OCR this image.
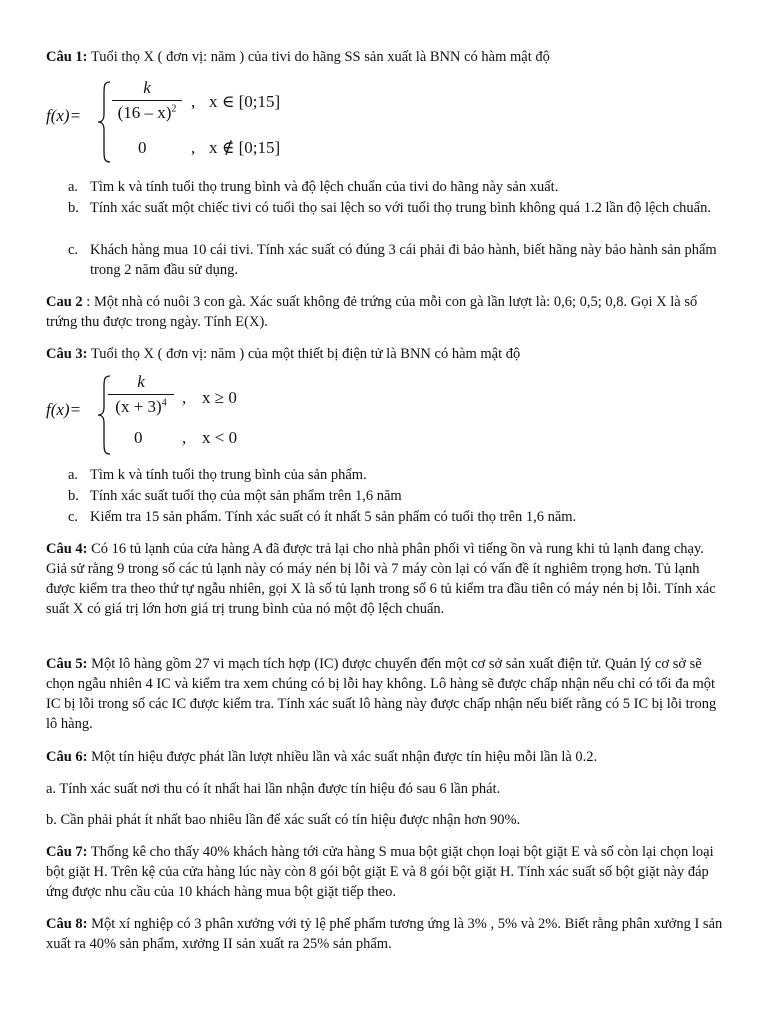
Câu 1: Tuổi thọ X ( đơn vị: năm ) của tivi do hãng SS sản xuất là BNN có hàm mật độ
f(x)=
k
(16 – x)$^2$ , x ∈ [0;15]
0	, x ∉ [0;15]
a. Tìm k và tính tuổi thọ trung bình và độ lệch chuẩn của tivi do hãng này sản xuất.
b. Tính xác suất một chiếc tivi có tuổi thọ sai lệch so với tuổi thọ trung bình không quá 1.2 lần độ lệch chuẩn.
c. Khách hàng mua 10 cái tivi. Tính xác suất có đúng 3 cái phải đi bảo hành, biết hãng này bảo hành sản phẩm trong 2 năm đầu sử dụng.
Cau 2 : Một nhà có nuôi 3 con gà. Xác suất không đẻ trứng của mỗi con gà lần lượt là: 0,6; 0,5; 0,8. Gọi X là số trứng thu được trong ngày. Tính E(X).
Câu 3: Tuổi thọ X ( đơn vị: năm ) của một thiết bị điện tử là BNN có hàm mật độ
f(x)=
k
$(x + 3)^4$ , x ≥ 0
0 , x < 0
a. Tìm k và tính tuổi thọ trung bình của sản phẩm.
b. Tính xác suất tuổi thọ của một sản phẩm trên 1,6 năm
c. Kiểm tra 15 sản phẩm. Tính xác suất có ít nhất 5 sản phẩm có tuổi thọ trên 1,6 năm.
Câu 4: Có 16 tủ lạnh của cửa hàng A đã được trả lại cho nhà phân phối vì tiếng ồn và rung khi tủ lạnh đang chạy. Giả sử rằng 9 trong số các tủ lạnh này có máy nén bị lỗi và 7 máy còn lại có vấn đề ít nghiêm trọng hơn. Tủ lạnh được kiểm tra theo thứ tự ngẫu nhiên, gọi X là số tủ lạnh trong số 6 tủ kiểm tra đầu tiên có máy nén bị lỗi. Tính xác suất X có giá trị lớn hơn giá trị trung bình của nó một độ lệch chuẩn.
Câu 5: Một lô hàng gồm 27 vi mạch tích hợp (IC) được chuyển đến một cơ sở sản xuất điện tử. Quản lý cơ sở sẽ chọn ngẫu nhiên 4 IC và kiểm tra xem chúng có bị lỗi hay không. Lô hàng sẽ được chấp nhận nếu chỉ có tối đa một IC bị lỗi trong số các IC được kiểm tra. Tính xác suất lô hàng này được chấp nhận nếu biết rằng có 5 IC bị lỗi trong lô hàng.
Câu 6: Một tín hiệu được phát lần lượt nhiều lần và xác suất nhận được tín hiệu mỗi lần là 0.2.
a. Tính xác suất nơi thu có ít nhất hai lần nhận được tín hiệu đó sau 6 lần phát.
b. Cần phải phát ít nhất bao nhiêu lần để xác suất có tín hiệu được nhận hơn 90%.
Câu 7: Thống kê cho thấy 40% khách hàng tới cửa hàng S mua bột giặt chọn loại bột giặt E và số còn lại chọn loại bột giặt H. Trên kệ của cửa hàng lúc này còn 8 gói bột giặt E và 8 gói bột giặt H. Tính xác suất số bột giặt này đáp ứng được nhu cầu của 10 khách hàng mua bột giặt tiếp theo.
Câu 8: Một xí nghiệp có 3 phân xưởng với tỷ lệ phế phẩm tương ứng là 3% , 5% và 2%. Biết rằng phân xưởng I sản xuất ra 40% sản phẩm, xưởng II sản xuất ra 25% sản phẩm.
